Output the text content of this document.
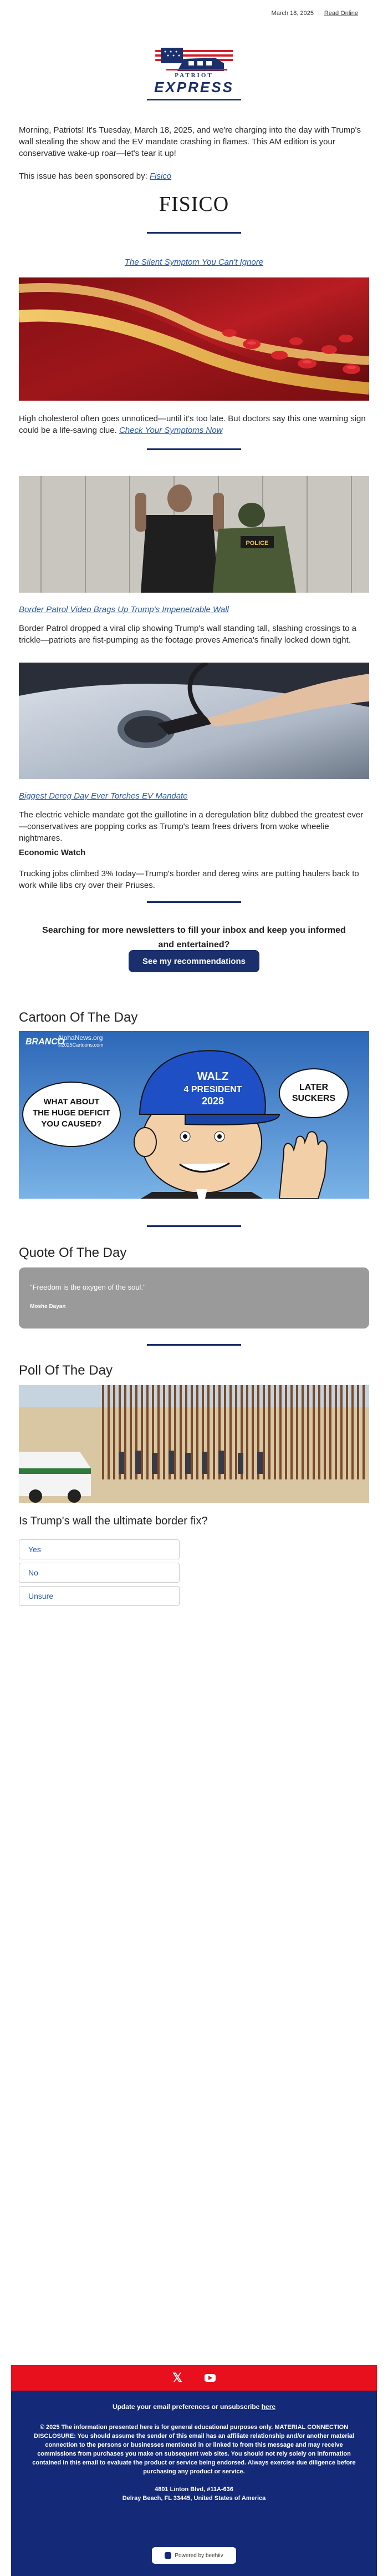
March 18, 2025 | Read Online
PATRIOT
EXPRESS

Morning, Patriots! It's Tuesday, March 18, 2025, and we're charging into the day with Trump's wall stealing the show and the EV mandate crashing in flames. This AM edition is your conservative wake-up roar—let's tear it up!

This issue has been sponsored by: Fisico

FISICO
The Silent Symptom You Can't Ignore

High cholesterol often goes unnoticed—until it's too late. But doctors say this one warning sign could be a life-saving clue. Check Your Symptoms Now

POLICE
Border Patrol Video Brags Up Trump's Impenetrable Wall

Border Patrol dropped a viral clip showing Trump's wall standing tall, slashing crossings to a trickle—patriots are fist-pumping as the footage proves America's finally locked down tight.

Biggest Dereg Day Ever Torches EV Mandate

The electric vehicle mandate got the guillotine in a deregulation blitz dubbed the greatest ever—conservatives are popping corks as Trump's team frees drivers from woke wheelie nightmares.

Economic Watch

Trucking jobs climbed 3% today—Trump's border and dereg wins are putting haulers back to work while libs cry over their Priuses.

Searching for more newsletters to fill your inbox and keep you informed and entertained?
See my recommendations
Cartoon Of The Day
BRANCO
AlphaNews.org
©2025Cartoons.com
WHAT ABOUT
THE HUGE DEFICIT
YOU CAUSED?
LATER
SUCKERS
WALZ
4 PRESIDENT
2028
Quote Of The Day
"Freedom is the oxygen of the soul."
Moshe Dayan
Poll Of The Day
Is Trump's wall the ultimate border fix?
Yes
No
Unsure
𝕏
Update your email preferences or unsubscribe here
© 2025 The information presented here is for general educational purposes only. MATERIAL CONNECTION DISCLOSURE: You should assume the sender of this email has an affiliate relationship and/or another material connection to the persons or businesses mentioned in or linked to from this message and may receive commissions from purchases you make on subsequent web sites. You should not rely solely on information contained in this email to evaluate the product or service being endorsed. Always exercise due diligence before purchasing any product or service.
4801 Linton Blvd, #11A-636
Delray Beach, FL 33445, United States of America
Powered by beehiiv
